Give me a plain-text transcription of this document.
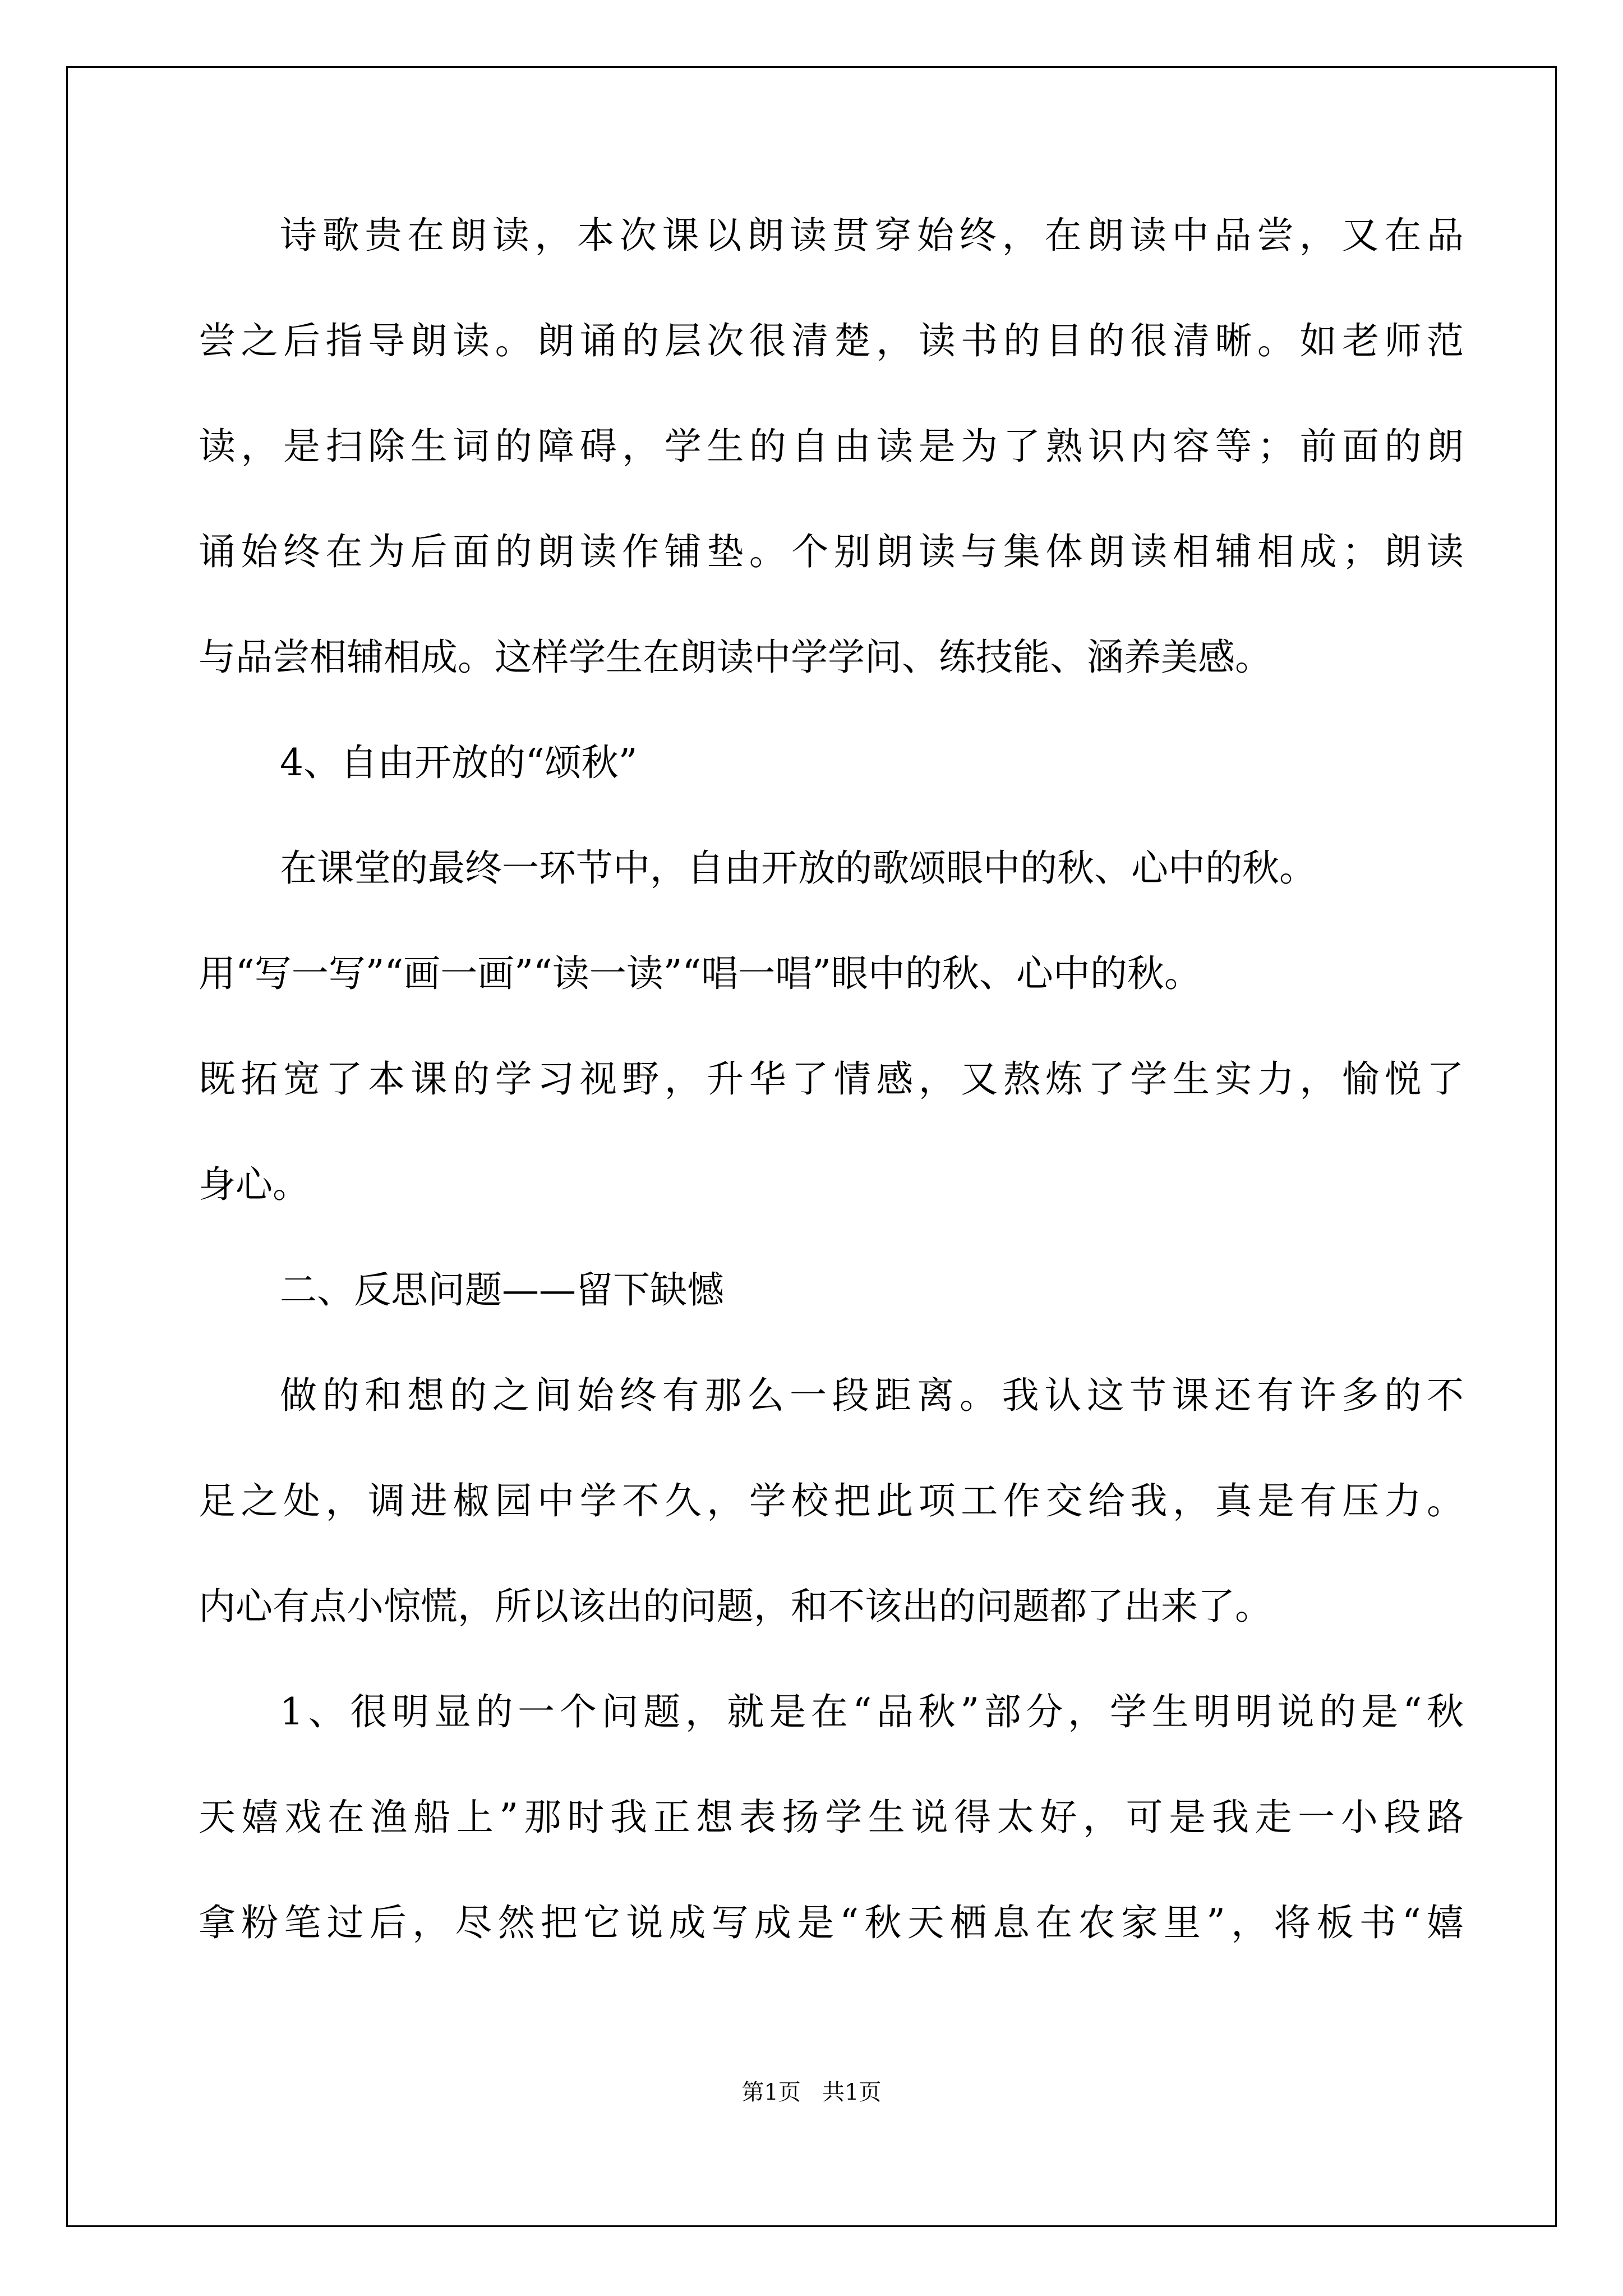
诗歌贵在朗读，本次课以朗读贯穿始终，在朗读中品尝，又在品
尝之后指导朗读。朗诵的层次很清楚，读书的目的很清晰。如老师范
读，是扫除生词的障碍，学生的自由读是为了熟识内容等；前面的朗
诵始终在为后面的朗读作铺垫。个别朗读与集体朗读相辅相成；朗读
与品尝相辅相成。这样学生在朗读中学学问、练技能、涵养美感。
4、自由开放的“颂秋”
在课堂的最终一环节中，自由开放的歌颂眼中的秋、心中的秋。
用“写一写”“画一画”“读一读”“唱一唱”眼中的秋、心中的秋。
既拓宽了本课的学习视野，升华了情感，又熬炼了学生实力，愉悦了
身心。
二、反思问题——留下缺憾
做的和想的之间始终有那么一段距离。我认这节课还有许多的不
足之处，调进椒园中学不久，学校把此项工作交给我，真是有压力。
内心有点小惊慌，所以该出的问题，和不该出的问题都了出来了。
1、很明显的一个问题，就是在“品秋”部分，学生明明说的是“秋
天嬉戏在渔船上”那时我正想表扬学生说得太好，可是我走一小段路
拿粉笔过后，尽然把它说成写成是“秋天栖息在农家里”，将板书“嬉
第1页 共1页
